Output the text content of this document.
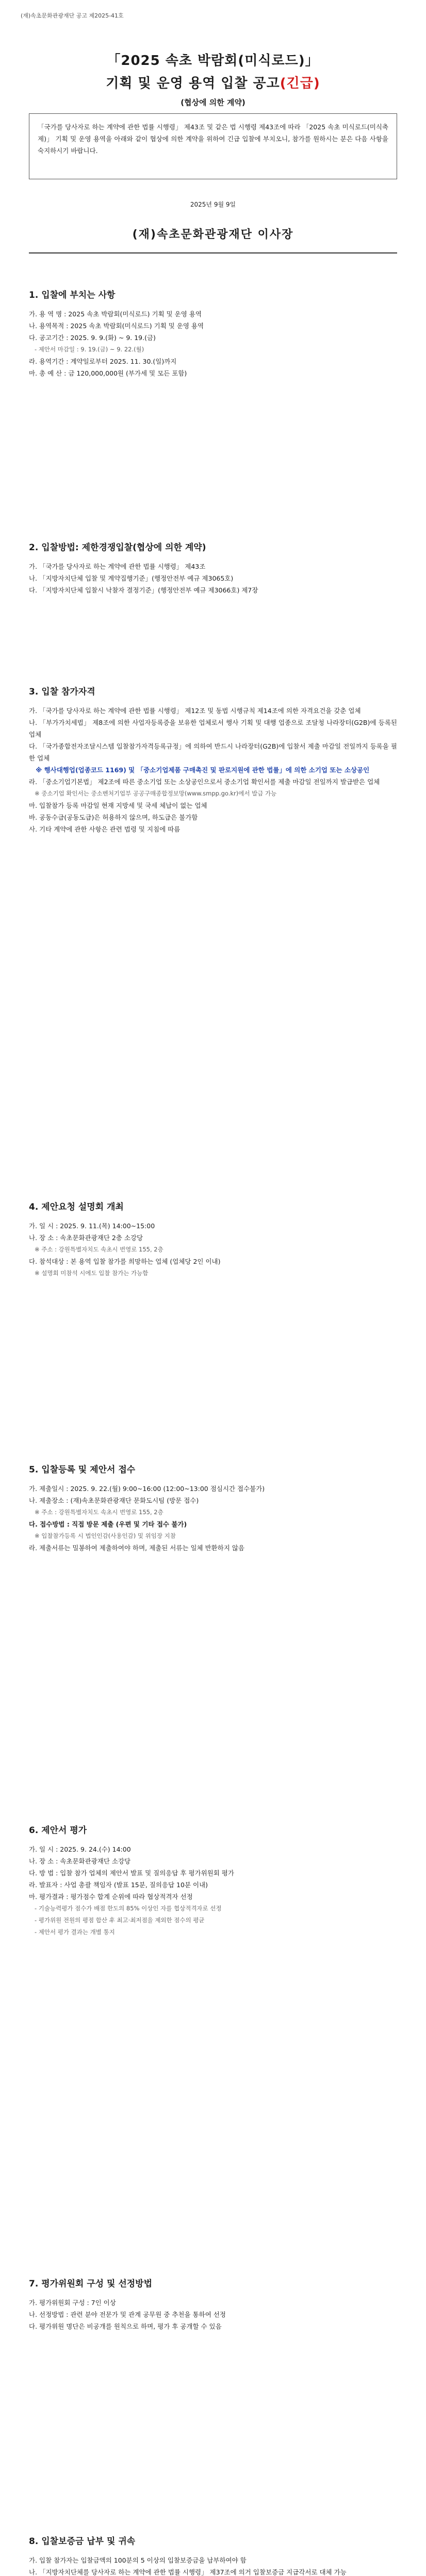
(재)속초문화관광재단 공고 제2025-41호
「2025 속초 박람회(미식로드)」
기획 및 운영 용역 입찰 공고(긴급)
(협상에 의한 계약)

「국가를 당사자로 하는 계약에 관한 법률 시행령」 제43조 및 같은 법 시행령 제43조에 따라 「2025 속초 미식로드(미식축제)」 기획 및 운영 용역을 아래와 같이 협상에 의한 계약을 위하여 긴급 입찰에 부치오니, 참가를 원하시는 분은 다음 사항을 숙지하시기 바랍니다.

2025년 9월 9일
(재)속초문화관광재단 이사장
1. 입찰에 부치는 사항

가. 용 역 명 : 2025 속초 박람회(미식로드) 기획 및 운영 용역

나. 용역목적 : 2025 속초 박람회(미식로드) 기획 및 운영 용역

다. 공고기간 : 2025. 9. 9.(화) ~ 9. 19.(금)

- 제안서 마감일 : 9. 19.(금) ~ 9. 22.(월)

라. 용역기간 : 계약일로부터 2025. 11. 30.(일)까지

마. 총 예 산 : 금 120,000,000원 (부가세 및 모든 포함)

2. 입찰방법: 제한경쟁입찰(협상에 의한 계약)

가. 「국가를 당사자로 하는 계약에 관한 법률 시행령」 제43조

나. 「지방자치단체 입찰 및 계약집행기준」(행정안전부 예규 제3065호)

다. 「지방자치단체 입찰시 낙찰자 결정기준」(행정안전부 예규 제3066호) 제7장

3. 입찰 참가자격

가. 「국가를 당사자로 하는 계약에 관한 법률 시행령」 제12조 및 동법 시행규칙 제14조에 의한 자격요건을 갖춘 업체

나. 「부가가치세법」 제8조에 의한 사업자등록증을 보유한 업체로서 행사 기획 및 대행 업종으로 조달청 나라장터(G2B)에 등록된 업체

다. 「국가종합전자조달시스템 입찰참가자격등록규정」에 의하여 반드시 나라장터(G2B)에 입찰서 제출 마감일 전일까지 등록을 필한 업체

※ 행사대행업(업종코드 1169) 및 「중소기업제품 구매촉진 및 판로지원에 관한 법률」에 의한 소기업 또는 소상공인

라. 「중소기업기본법」 제2조에 따른 중소기업 또는 소상공인으로서 중소기업 확인서를 제출 마감일 전일까지 발급받은 업체

※ 중소기업 확인서는 중소벤처기업부 공공구매종합정보망(www.smpp.go.kr)에서 발급 가능

마. 입찰참가 등록 마감일 현재 지방세 및 국세 체납이 없는 업체

바. 공동수급(공동도급)은 허용하지 않으며, 하도급은 불가함

사. 기타 계약에 관한 사항은 관련 법령 및 지침에 따름

4. 제안요청 설명회 개최

가. 일 시 : 2025. 9. 11.(목) 14:00~15:00

나. 장 소 : 속초문화관광재단 2층 소강당

※ 주소 : 강원특별자치도 속초시 번영로 155, 2층

다. 참석대상 : 본 용역 입찰 참가를 희망하는 업체 (업체당 2인 이내)

※ 설명회 미참석 시에도 입찰 참가는 가능함

5. 입찰등록 및 제안서 접수

가. 제출일시 : 2025. 9. 22.(월) 9:00~16:00 (12:00~13:00 점심시간 접수불가)

나. 제출장소 : (재)속초문화관광재단 문화도시팀 (방문 접수)

※ 주소 : 강원특별자치도 속초시 번영로 155, 2층

다. 접수방법 : 직접 방문 제출 (우편 및 기타 접수 불가)

※ 입찰참가등록 시 법인인감(사용인감) 및 위임장 지참

라. 제출서류는 밀봉하여 제출하여야 하며, 제출된 서류는 일체 반환하지 않음

6. 제안서 평가

가. 일 시 : 2025. 9. 24.(수) 14:00

나. 장 소 : 속초문화관광재단 소강당

다. 방 법 : 입찰 참가 업체의 제안서 발표 및 질의응답 후 평가위원회 평가

라. 발표자 : 사업 총괄 책임자 (발표 15분, 질의응답 10분 이내)

마. 평가결과 : 평가점수 합계 순위에 따라 협상적격자 선정

- 기술능력평가 점수가 배점 한도의 85% 이상인 자를 협상적격자로 선정

- 평가위원 전원의 평점 합산 후 최고·최저점을 제외한 점수의 평균

- 제안서 평가 결과는 개별 통지

7. 평가위원회 구성 및 선정방법

가. 평가위원회 구성 : 7인 이상

나. 선정방법 : 관련 분야 전문가 및 관계 공무원 중 추천을 통하여 선정

다. 평가위원 명단은 비공개를 원칙으로 하며, 평가 후 공개할 수 있음

8. 입찰보증금 납부 및 귀속

가. 입찰 참가자는 입찰금액의 100분의 5 이상의 입찰보증금을 납부하여야 함

나. 「지방자치단체를 당사자로 하는 계약에 관한 법률 시행령」 제37조에 의거 입찰보증금 지급각서로 대체 가능
